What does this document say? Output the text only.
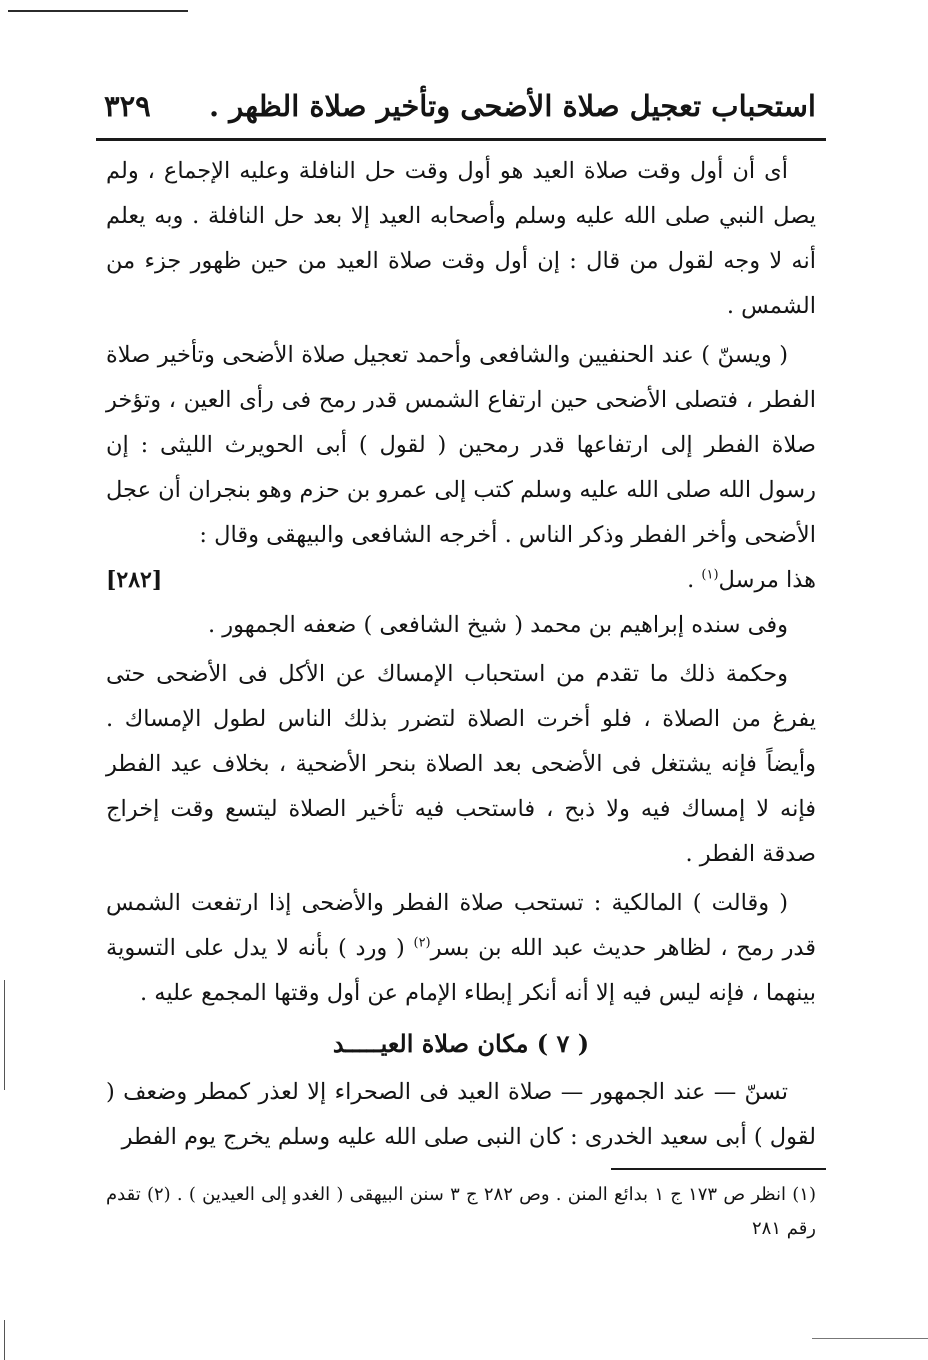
استحباب تعجيل صلاة الأضحى وتأخير صلاة الظهر .
٣٢٩

أى أن أول وقت صلاة العيد هو أول وقت حل النافلة وعليه الإجماع ، ولم يصل النبي صلى الله عليه وسلم وأصحابه العيد إلا بعد حل النافلة . وبه يعلم أنه لا وجه لقول من قال : إن أول وقت صلاة العيد من حين ظهور جزء من الشمس .

( ويسنّ ) عند الحنفيين والشافعى وأحمد تعجيل صلاة الأضحى وتأخير صلاة الفطر ، فتصلى الأضحى حين ارتفاع الشمس قدر رمح فى رأى العين ، وتؤخر صلاة الفطر إلى ارتفاعها قدر رمحين ( لقول ) أبى الحويرث الليثى : إن رسول الله صلى الله عليه وسلم كتب إلى عمرو بن حزم وهو بنجران أن عجل الأضحى وأخر الفطر وذكر الناس . أخرجه الشافعى والبيهقى وقال :

هذا مرسل$^{(١)}$ .
[٢٨٢]

وفى سنده إبراهيم بن محمد ( شيخ الشافعى ) ضعفه الجمهور .

وحكمة ذلك ما تقدم من استحباب الإمساك عن الأكل فى الأضحى حتى يفرغ من الصلاة ، فلو أخرت الصلاة لتضرر بذلك الناس لطول الإمساك . وأيضاً فإنه يشتغل فى الأضحى بعد الصلاة بنحر الأضحية ، بخلاف عيد الفطر فإنه لا إمساك فيه ولا ذبح ، فاستحب فيه تأخير الصلاة ليتسع وقت إخراج صدقة الفطر .

( وقالت ) المالكية : تستحب صلاة الفطر والأضحى إذا ارتفعت الشمس قدر رمح ، لظاهر حديث عبد الله بن بسر$^{(٢)}$ ( ورد ) بأنه لا يدل على التسوية بينهما ، فإنه ليس فيه إلا أنه أنكر إبطاء الإمام عن أول وقتها المجمع عليه .

( ٧ ) مكان صلاة العيـــــد

تسنّ — عند الجمهور — صلاة العيد فى الصحراء إلا لعذر كمطر وضعف ( لقول ) أبى سعيد الخدرى : كان النبى صلى الله عليه وسلم يخرج يوم الفطر

(١) انظر ص ١٧٣ ج ١ بدائع المنن . وص ٢٨٢ ج ٣ سنن البيهقى ( الغدو إلى العيدين ) . (٢) تقدم رقم ٢٨١
